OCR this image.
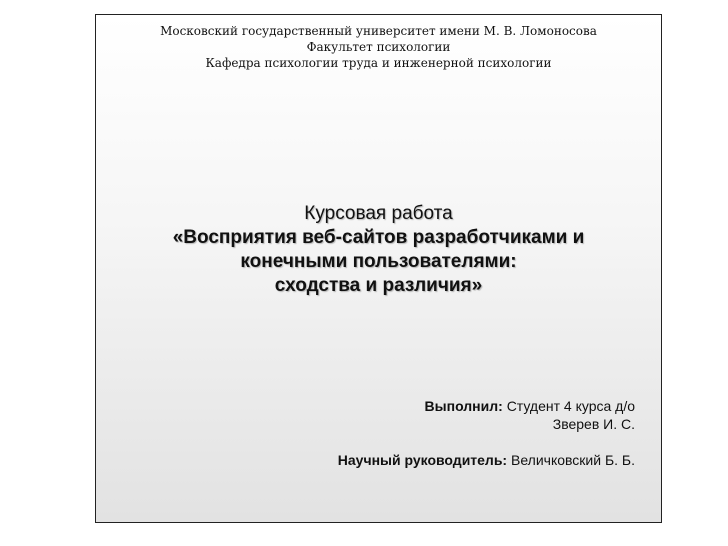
Московский государственный университет имени М. В. Ломоносова
Факультет психологии
Кафедра психологии труда и инженерной психологии
Курсовая работа
«Восприятия веб-сайтов разработчиками и
конечными пользователями:
сходства и различия»
Выполнил: Студент 4 курса д/о
Зверев И. С.
Научный руководитель: Величковский Б. Б.
